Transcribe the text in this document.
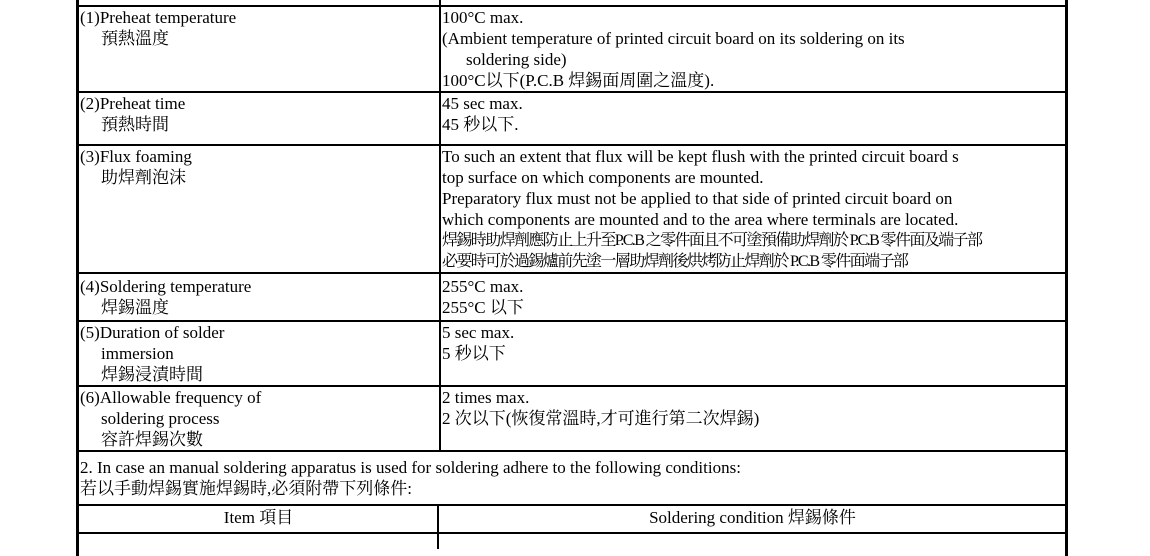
(1)Preheat temperature
預熱溫度
100°C max.
(Ambient temperature of printed circuit board on its soldering on its
soldering side)
100°C以下(P.C.B 焊錫面周圍之溫度).
(2)Preheat time
預熱時間
45 sec max.
45 秒以下.
(3)Flux foaming
助焊劑泡沫
To such an extent that flux will be kept flush with the printed circuit board s
top surface on which components are mounted.
Preparatory flux must not be applied to that side of printed circuit board on
which components are mounted and to the area where terminals are located.
焊錫時助焊劑應防止上升至P.C.B 之零件面且不可塗預備助焊劑於 P.C.B 零件面及端子部
必要時可於過錫爐前先塗一層助焊劑後烘烤防止焊劑於 P.C.B 零件面端子部
(4)Soldering temperature
焊錫溫度
255°C max.
255°C 以下
(5)Duration of solder
immersion
焊錫浸漬時間
5 sec max.
5 秒以下
(6)Allowable frequency of
soldering process
容許焊錫次數
2 times max.
2 次以下(恢復常溫時,才可進行第二次焊錫)
2. In case an manual soldering apparatus is used for soldering adhere to the following conditions:
若以手動焊錫實施焊錫時,必須附帶下列條件:
Item 項目	Soldering condition 焊錫條件
